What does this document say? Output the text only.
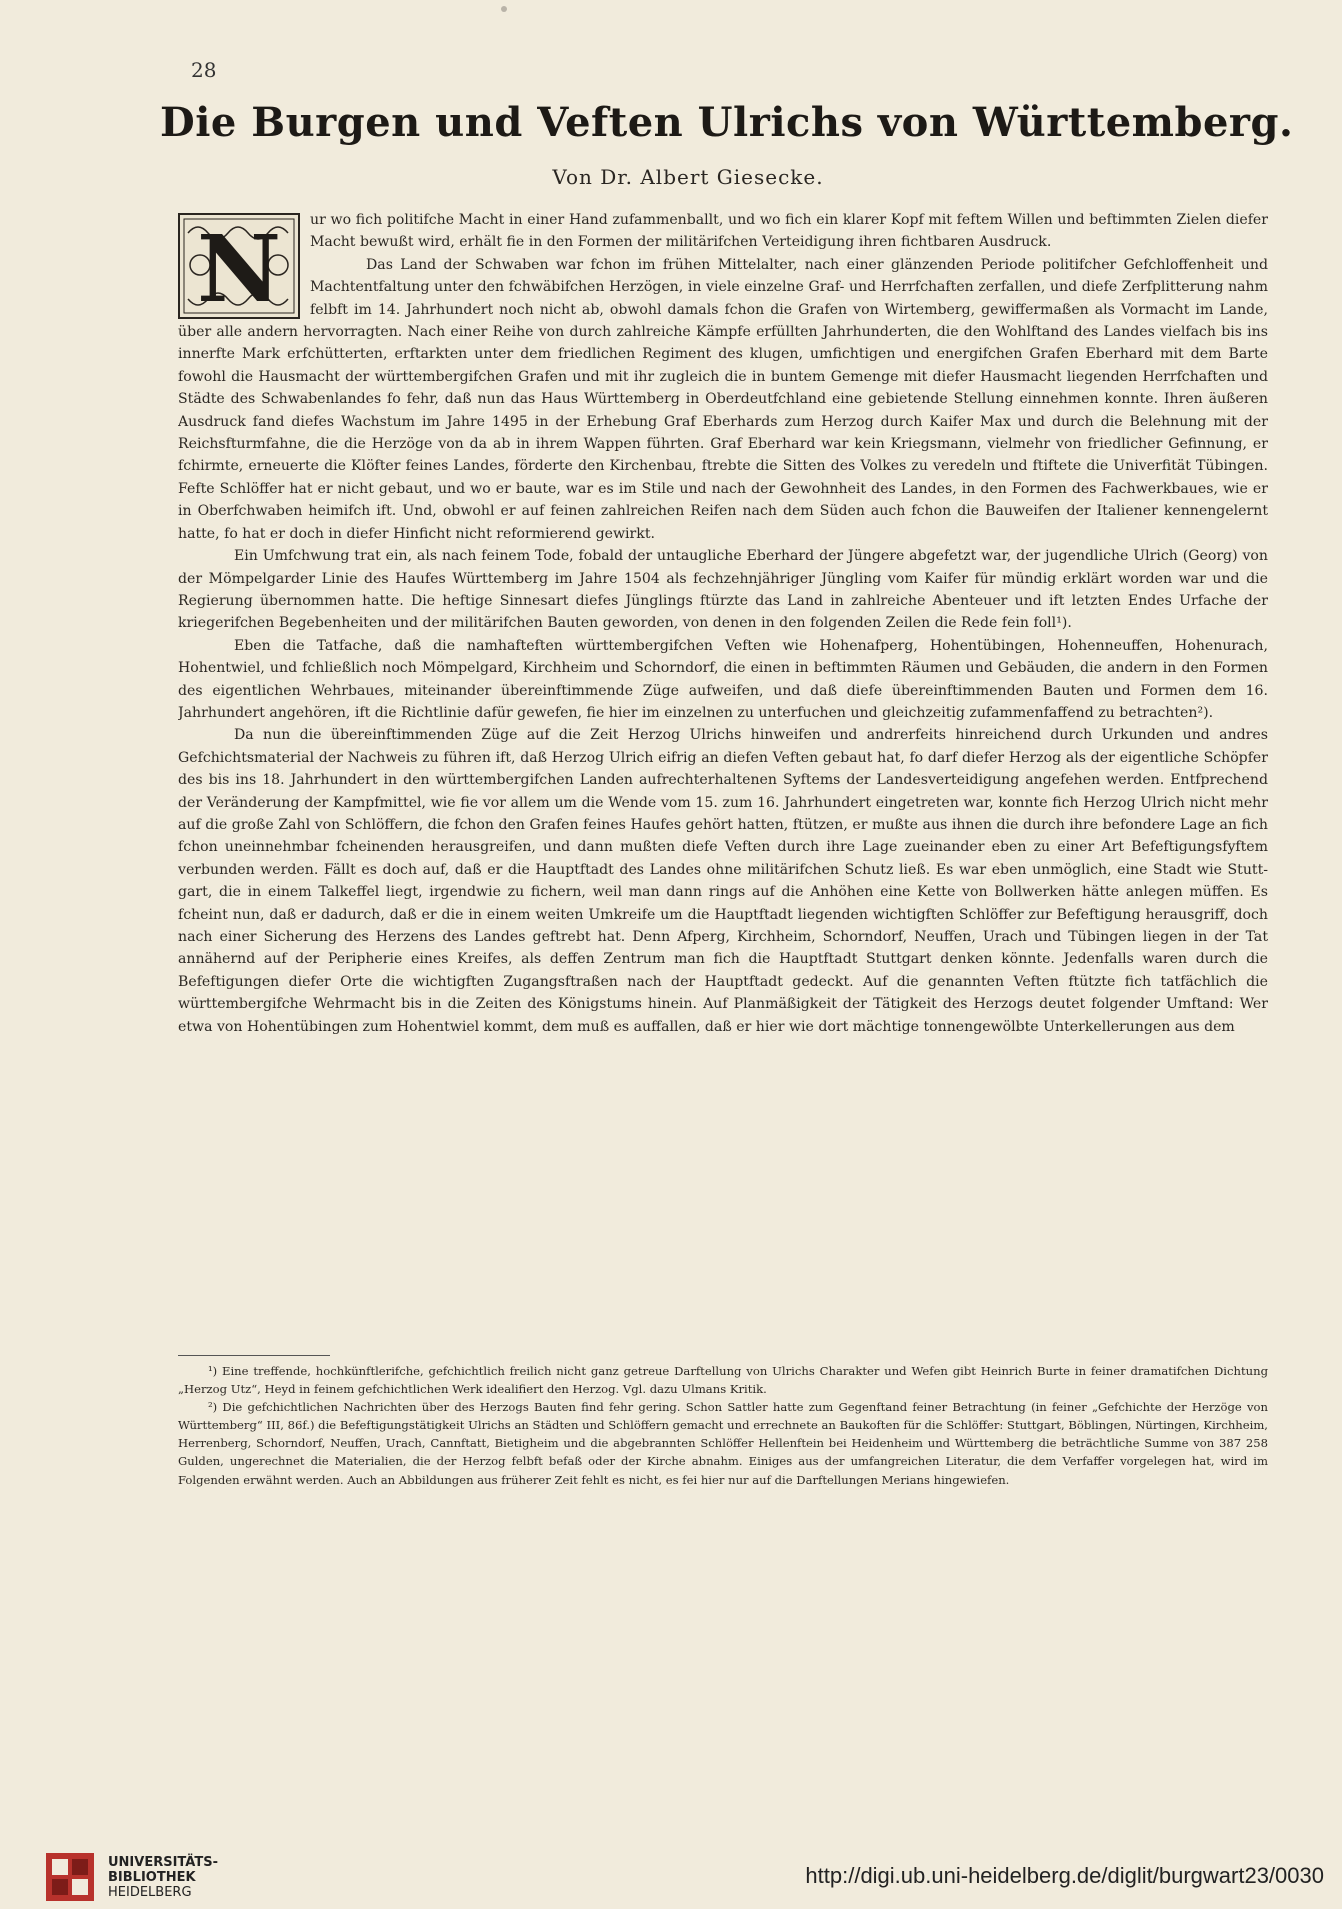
28
Die Burgen und Veften Ulrichs von Württemberg.
Von Dr. Albert Giesecke.
N	ur wo fich politifche Macht in einer Hand zufammenballt, und wo fich ein klarer Kopf mit feftem Willen und beftimmten Zielen diefer Macht bewußt wird, erhält fie in den Formen der militärifchen Verteidigung ihren fichtbaren Ausdruck.

Das Land der Schwaben war fchon im frühen Mittelalter, nach einer glänzenden Periode politifcher Gefchloffenheit und Machtentfaltung unter den fchwäbifchen Herzögen, in viele einzelne Graf- und Herrfchaften zerfallen, und diefe Zerfplitterung nahm felbft im 14. Jahrhundert noch nicht ab, obwohl damals fchon die Grafen von Wirtemberg, gewiffermaßen als Vormacht im Lande, über alle andern hervorragten. Nach einer Reihe von durch zahlreiche Kämpfe erfüllten Jahrhunderten, die den Wohlftand des Landes vielfach bis ins innerfte Mark erfchütterten, erftarkten unter dem friedlichen Regiment des klugen, umfichtigen und energifchen Grafen Eberhard mit dem Barte fowohl die Hausmacht der württembergifchen Grafen und mit ihr zugleich die in buntem Gemenge mit diefer Hausmacht liegenden Herrfchaften und Städte des Schwabenlandes fo fehr, daß nun das Haus Württemberg in Oberdeutfchland eine gebietende Stellung einnehmen konnte. Ihren äußeren Ausdruck fand diefes Wachstum im Jahre 1495 in der Erhebung Graf Eberhards zum Herzog durch Kaifer Max und durch die Belehnung mit der Reichsfturmfahne, die die Herzöge von da ab in ihrem Wappen führten. Graf Eberhard war kein Kriegsmann, vielmehr von friedlicher Gefinnung, er fchirmte, erneuerte die Klöfter feines Landes, förderte den Kirchenbau, ftrebte die Sitten des Volkes zu veredeln und ftiftete die Univerfität Tübingen. Fefte Schlöffer hat er nicht gebaut, und wo er baute, war es im Stile und nach der Gewohnheit des Landes, in den Formen des Fachwerkbaues, wie er in Oberfchwaben heimifch ift. Und, obwohl er auf feinen zahlreichen Reifen nach dem Süden auch fchon die Bauweifen der Italiener kennengelernt hatte, fo hat er doch in diefer Hinficht nicht reformierend gewirkt.

Ein Umfchwung trat ein, als nach feinem Tode, fobald der untaugliche Eberhard der Jüngere abgefetzt war, der jugendliche Ulrich (Georg) von der Mömpelgarder Linie des Haufes Württemberg im Jahre 1504 als fechzehnjähriger Jüngling vom Kaifer für mündig erklärt worden war und die Regierung übernommen hatte. Die heftige Sinnesart diefes Jünglings ftürzte das Land in zahlreiche Abenteuer und ift letzten Endes Urfache der kriegerifchen Begebenheiten und der militärifchen Bauten geworden, von denen in den folgenden Zeilen die Rede fein foll¹).

Eben die Tatfache, daß die namhafteften württembergifchen Veften wie Hohenafperg, Hohentübingen, Hohenneuffen, Hohenurach, Hohentwiel, und fchließlich noch Mömpelgard, Kirchheim und Schorndorf, die einen in beftimmten Räumen und Gebäuden, die andern in den Formen des eigentlichen Wehrbaues, miteinander übereinftimmende Züge aufweifen, und daß diefe übereinftimmenden Bauten und Formen dem 16. Jahrhundert angehören, ift die Richtlinie dafür gewefen, fie hier im einzelnen zu unterfuchen und gleichzeitig zufammenfaffend zu betrachten²).

Da nun die übereinftimmenden Züge auf die Zeit Herzog Ulrichs hinweifen und andrerfeits hinreichend durch Urkunden und andres Gefchichtsmaterial der Nachweis zu führen ift, daß Herzog Ulrich eifrig an diefen Veften gebaut hat, fo darf diefer Herzog als der eigentliche Schöpfer des bis ins 18. Jahrhundert in den württembergifchen Landen aufrechterhaltenen Syftems der Landesverteidigung angefehen werden. Entfprechend der Veränderung der Kampfmittel, wie fie vor allem um die Wende vom 15. zum 16. Jahrhundert eingetreten war, konnte fich Herzog Ulrich nicht mehr auf die große Zahl von Schlöffern, die fchon den Grafen feines Haufes gehört hatten, ftützen, er mußte aus ihnen die durch ihre befondere Lage an fich fchon uneinnehmbar fcheinenden herausgreifen, und dann mußten diefe Veften durch ihre Lage zueinander eben zu einer Art Befeftigungsfyftem verbunden werden. Fällt es doch auf, daß er die Hauptftadt des Landes ohne militärifchen Schutz ließ. Es war eben unmöglich, eine Stadt wie Stuttgart, die in einem Talkeffel liegt, irgendwie zu fichern, weil man dann rings auf die Anhöhen eine Kette von Bollwerken hätte anlegen müffen. Es fcheint nun, daß er dadurch, daß er die in einem weiten Umkreife um die Hauptftadt liegenden wichtigften Schlöffer zur Befeftigung herausgriff, doch nach einer Sicherung des Herzens des Landes geftrebt hat. Denn Afperg, Kirchheim, Schorndorf, Neuffen, Urach und Tübingen liegen in der Tat annähernd auf der Peripherie eines Kreifes, als deffen Zentrum man fich die Hauptftadt Stuttgart denken könnte. Jedenfalls waren durch die Befeftigungen diefer Orte die wichtigften Zugangsftraßen nach der Hauptftadt gedeckt. Auf die genannten Veften ftützte fich tatfächlich die württembergifche Wehrmacht bis in die Zeiten des Königstums hinein. Auf Planmäßigkeit der Tätigkeit des Herzogs deutet folgender Umftand: Wer etwa von Hohentübingen zum Hohentwiel kommt, dem muß es auffallen, daß er hier wie dort mächtige tonnengewölbte Unterkellerungen aus dem

¹) Eine treffende, hochkünftlerifche, gefchichtlich freilich nicht ganz getreue Darftellung von Ulrichs Charakter und Wefen gibt Heinrich Burte in feiner dramatifchen Dichtung „Herzog Utz“, Heyd in feinem gefchichtlichen Werk idealifiert den Herzog. Vgl. dazu Ulmans Kritik.

²) Die gefchichtlichen Nachrichten über des Herzogs Bauten find fehr gering. Schon Sattler hatte zum Gegenftand feiner Betrachtung (in feiner „Gefchichte der Herzöge von Württemberg“ III, 86f.) die Befeftigungstätigkeit Ulrichs an Städten und Schlöffern gemacht und errechnete an Baukoften für die Schlöffer: Stuttgart, Böblingen, Nürtingen, Kirchheim, Herrenberg, Schorndorf, Neuffen, Urach, Cannftatt, Bietigheim und die abgebrannten Schlöffer Hellenftein bei Heidenheim und Württemberg die beträchtliche Summe von 387 258 Gulden, ungerechnet die Materialien, die der Herzog felbft befaß oder der Kirche abnahm. Einiges aus der umfangreichen Literatur, die dem Verfaffer vorgelegen hat, wird im Folgenden erwähnt werden. Auch an Abbildungen aus früherer Zeit fehlt es nicht, es fei hier nur auf die Darftellungen Merians hingewiefen.

UNIVERSITÄTS-
BIBLIOTHEK
HEIDELBERG
http://digi.ub.uni-heidelberg.de/diglit/burgwart23/0030
